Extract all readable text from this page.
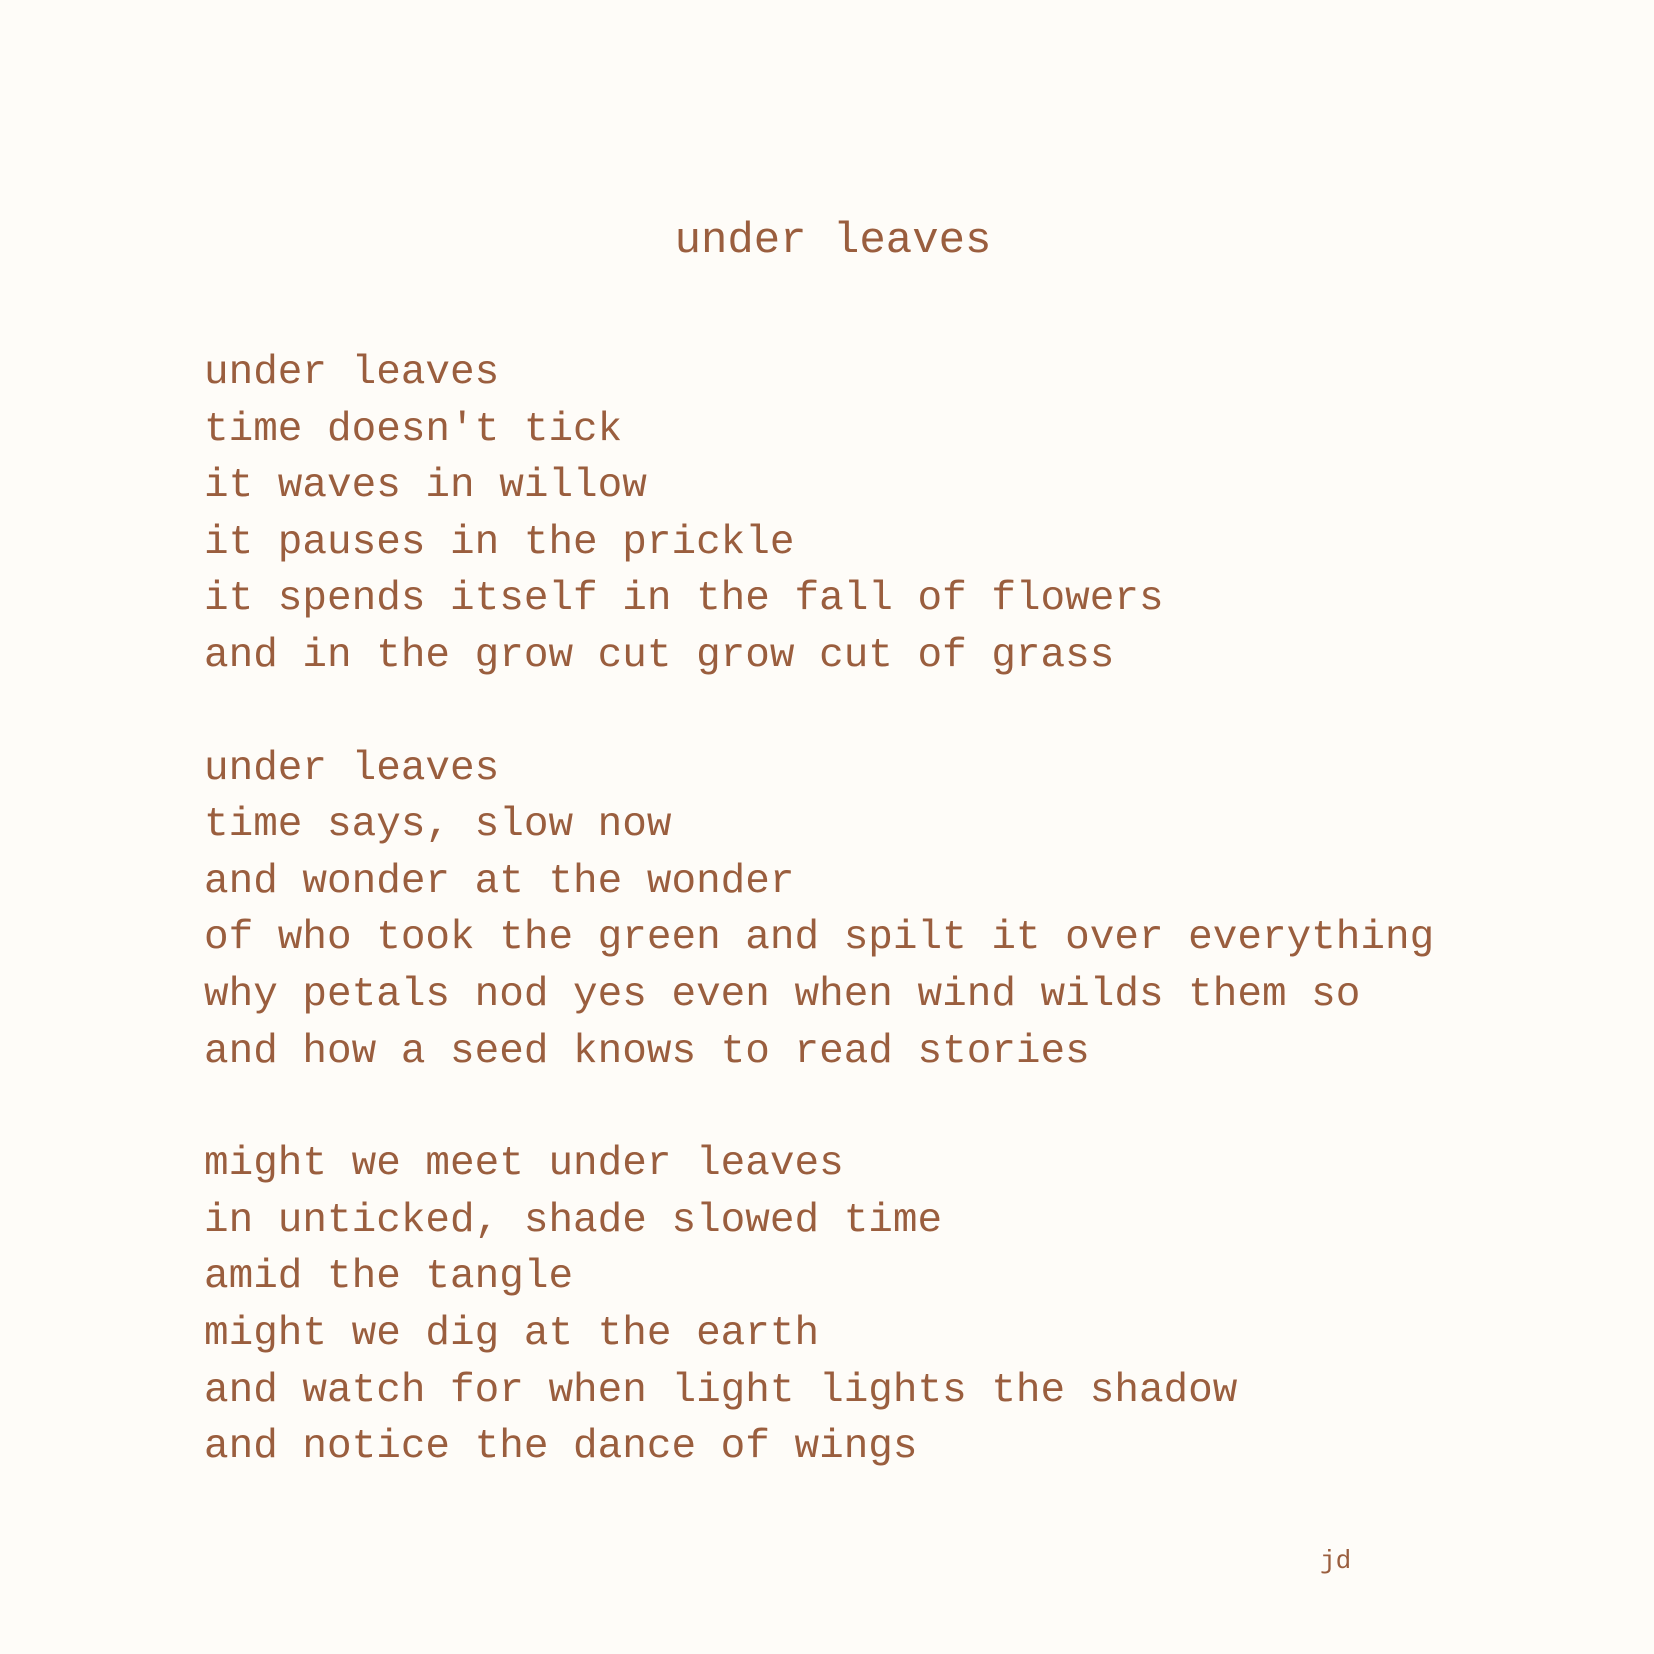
under leaves
under leaves
time doesn't tick
it waves in willow
it pauses in the prickle
it spends itself in the fall of flowers
and in the grow cut grow cut of grass
under leaves
time says, slow now
and wonder at the wonder
of who took the green and spilt it over everything
why petals nod yes even when wind wilds them so
and how a seed knows to read stories
might we meet under leaves
in unticked, shade slowed time
amid the tangle
might we dig at the earth
and watch for when light lights the shadow
and notice the dance of wings
jd
